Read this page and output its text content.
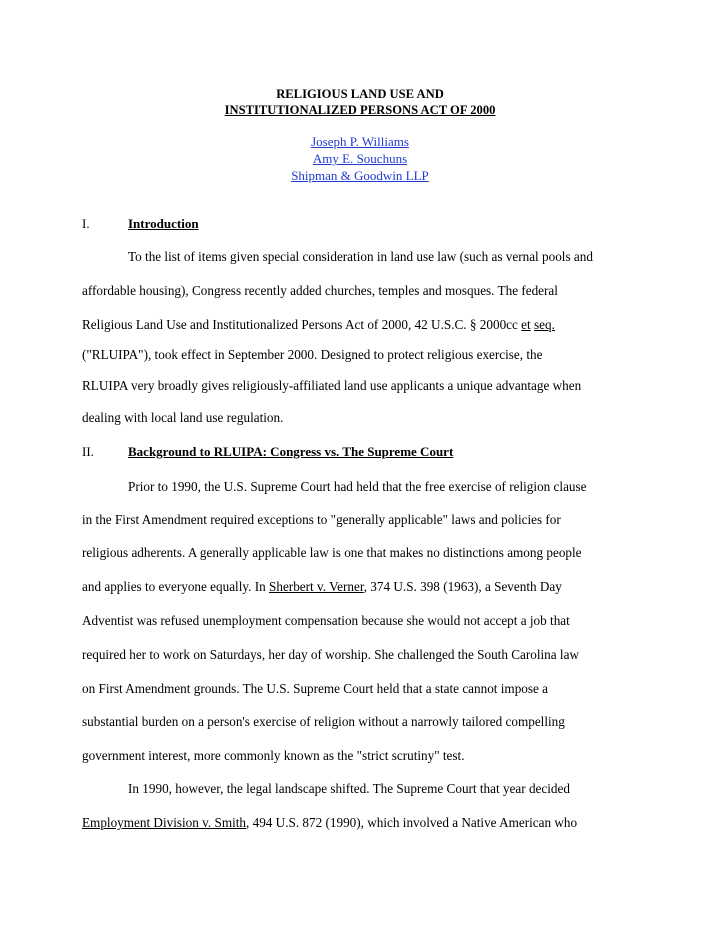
RELIGIOUS LAND USE AND
INSTITUTIONALIZED PERSONS ACT OF 2000
Joseph P. Williams
Amy E. Souchuns
Shipman & Goodwin LLP
I.	Introduction
To the list of items given special consideration in land use law (such as vernal pools and
affordable housing), Congress recently added churches, temples and mosques. The federal
Religious Land Use and Institutionalized Persons Act of 2000, 42 U.S.C. § 2000cc et seq.
("RLUIPA"), took effect in September 2000. Designed to protect religious exercise, the
RLUIPA very broadly gives religiously-affiliated land use applicants a unique advantage when
dealing with local land use regulation.
II.	Background to RLUIPA: Congress vs. The Supreme Court
Prior to 1990, the U.S. Supreme Court had held that the free exercise of religion clause
in the First Amendment required exceptions to "generally applicable" laws and policies for
religious adherents. A generally applicable law is one that makes no distinctions among people
and applies to everyone equally. In Sherbert v. Verner, 374 U.S. 398 (1963), a Seventh Day
Adventist was refused unemployment compensation because she would not accept a job that
required her to work on Saturdays, her day of worship. She challenged the South Carolina law
on First Amendment grounds. The U.S. Supreme Court held that a state cannot impose a
substantial burden on a person's exercise of religion without a narrowly tailored compelling
government interest, more commonly known as the "strict scrutiny" test.
In 1990, however, the legal landscape shifted. The Supreme Court that year decided
Employment Division v. Smith, 494 U.S. 872 (1990), which involved a Native American who
